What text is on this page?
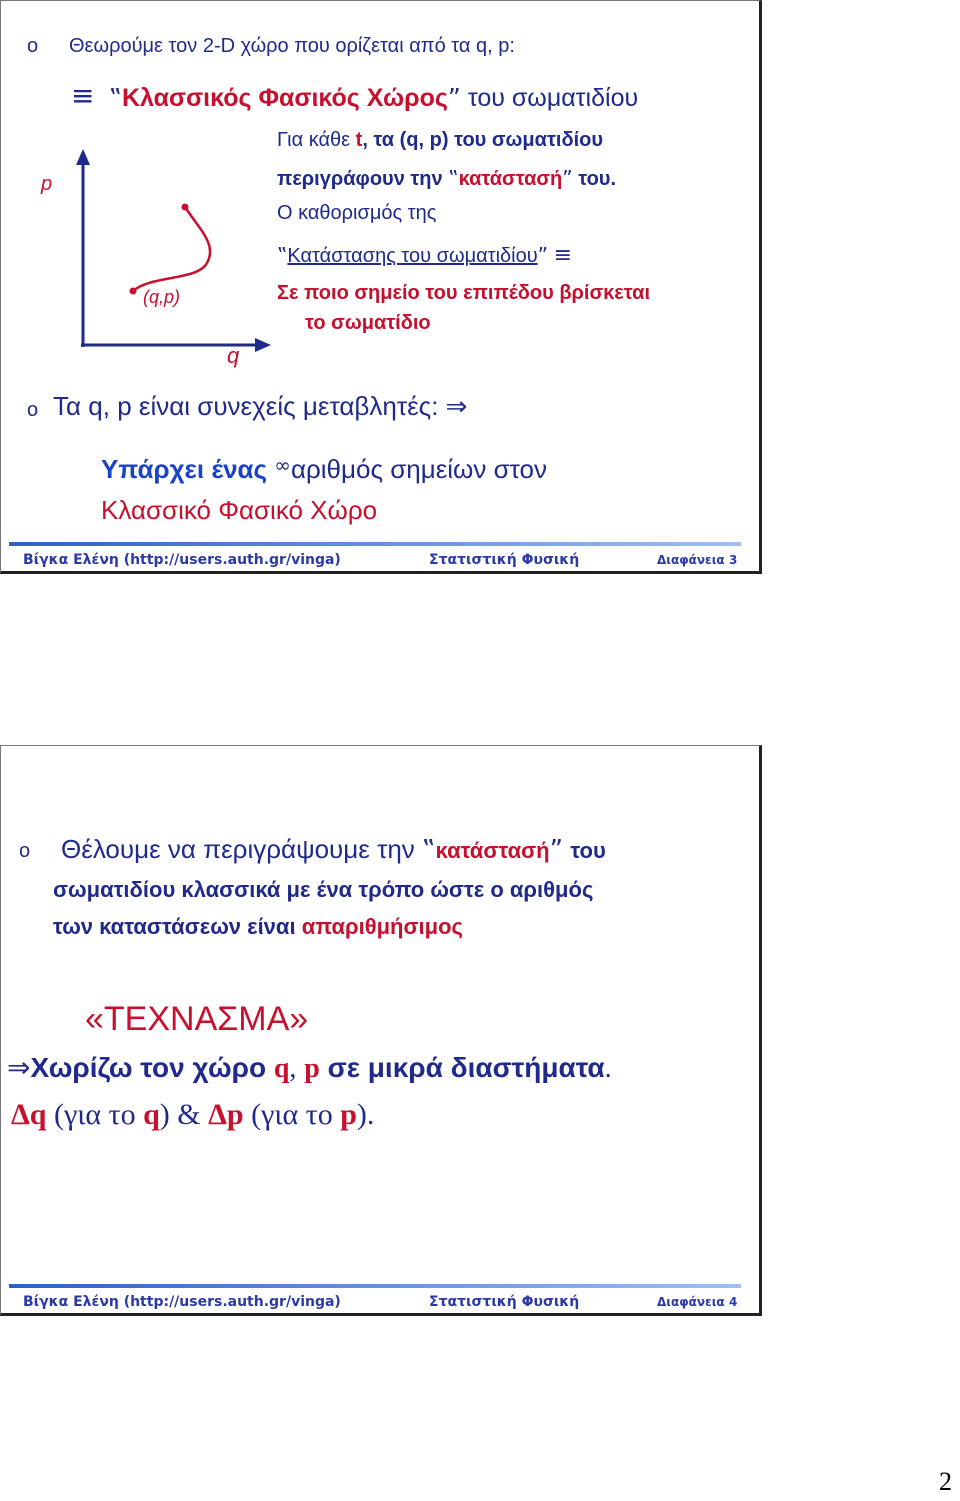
o Θεωρούμε τον 2-D χώρο που ορίζεται από τα q, p:
≡ ‟Κλασσικός Φασικός Χώρος” του σωματιδίου
p
q
(q,p)
Για κάθε t, τα (q, p) του σωματιδίου
περιγράφουν την ‟κατάστασή” του.
Ο καθορισμός της
‟Κατάστασης του σωματιδίου” ≡
Σε ποιο σημείο του επιπέδου βρίσκεται
το σωματίδιο
o Τα q, p είναι συνεχείς μεταβλητές: ⇒
Υπάρχει ένας ∞αριθμός σημείων στον
Κλασσικό Φασικό Χώρο
Βίγκα Ελένη (http://users.auth.gr/vinga)	Στατιστική Φυσική	Διαφάνεια 3
o Θέλουμε να περιγράψουμε την ‟κατάστασή” του
σωματιδίου κλασσικά με ένα τρόπο ώστε ο αριθμός
των καταστάσεων είναι απαριθμήσιμος
«ΤΕΧΝΑΣΜΑ»
⇒Χωρίζω τον χώρο q, p σε μικρά διαστήματα.
Δq (για το q) & Δp (για το p).
Βίγκα Ελένη (http://users.auth.gr/vinga)	Στατιστική Φυσική	Διαφάνεια 4
2
